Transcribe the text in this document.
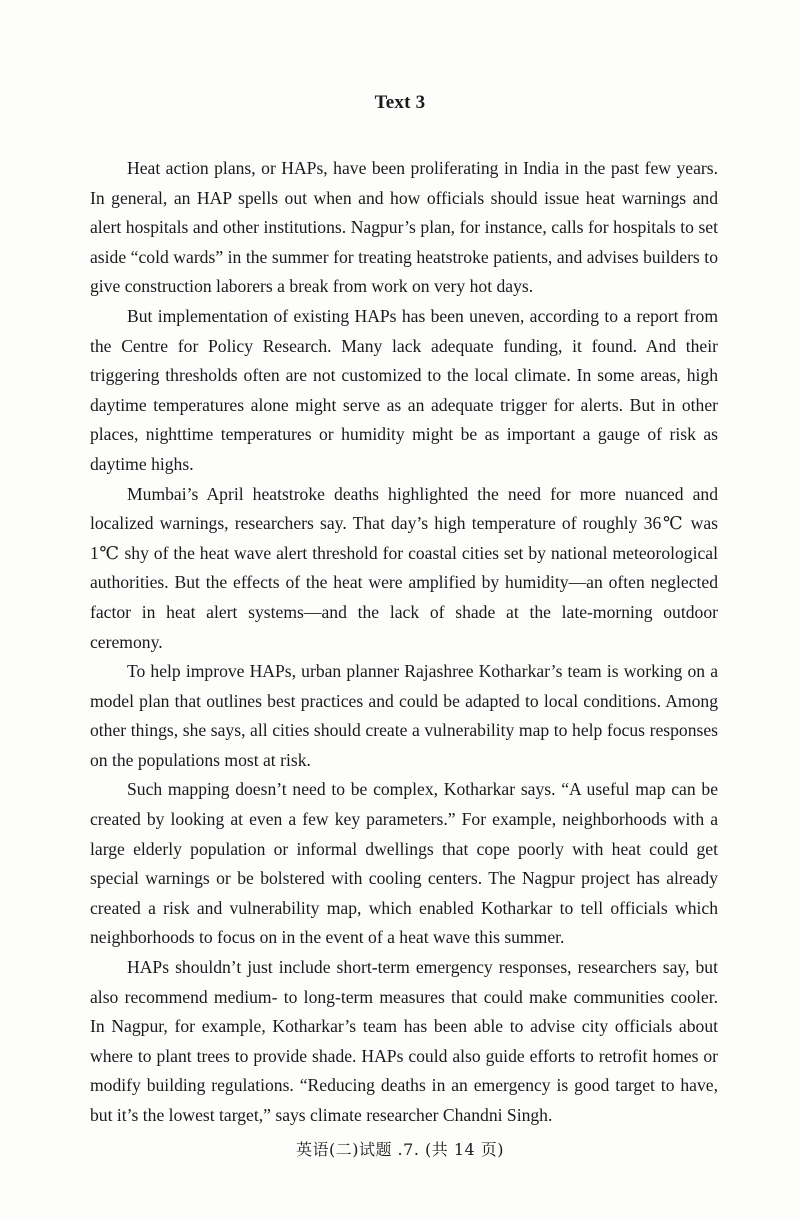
Text 3

Heat action plans, or HAPs, have been proliferating in India in the past few years. In general, an HAP spells out when and how officials should issue heat warnings and alert hospitals and other institutions. Nagpur’s plan, for instance, calls for hospitals to set aside “cold wards” in the summer for treating heatstroke patients, and advises builders to give construction laborers a break from work on very hot days.

But implementation of existing HAPs has been uneven, according to a report from the Centre for Policy Research. Many lack adequate funding, it found. And their triggering thresholds often are not customized to the local climate. In some areas, high daytime temperatures alone might serve as an adequate trigger for alerts. But in other places, nighttime temperatures or humidity might be as important a gauge of risk as daytime highs.

Mumbai’s April heatstroke deaths highlighted the need for more nuanced and localized warnings, researchers say. That day’s high temperature of roughly 36℃ was 1℃ shy of the heat wave alert threshold for coastal cities set by national meteorological authorities. But the effects of the heat were amplified by humidity—an often neglected factor in heat alert systems—and the lack of shade at the late-morning outdoor ceremony.

To help improve HAPs, urban planner Rajashree Kotharkar’s team is working on a model plan that outlines best practices and could be adapted to local conditions. Among other things, she says, all cities should create a vulnerability map to help focus responses on the populations most at risk.

Such mapping doesn’t need to be complex, Kotharkar says. “A useful map can be created by looking at even a few key parameters.” For example, neighborhoods with a large elderly population or informal dwellings that cope poorly with heat could get special warnings or be bolstered with cooling centers. The Nagpur project has already created a risk and vulnerability map, which enabled Kotharkar to tell officials which neighborhoods to focus on in the event of a heat wave this summer.

HAPs shouldn’t just include short-term emergency responses, researchers say, but also recommend medium- to long-term measures that could make communities cooler. In Nagpur, for example, Kotharkar’s team has been able to advise city officials about where to plant trees to provide shade. HAPs could also guide efforts to retrofit homes or modify building regulations. “Reducing deaths in an emergency is good target to have, but it’s the lowest target,” says climate researcher Chandni Singh.

英语(二)试题 .7. (共 14 页)
